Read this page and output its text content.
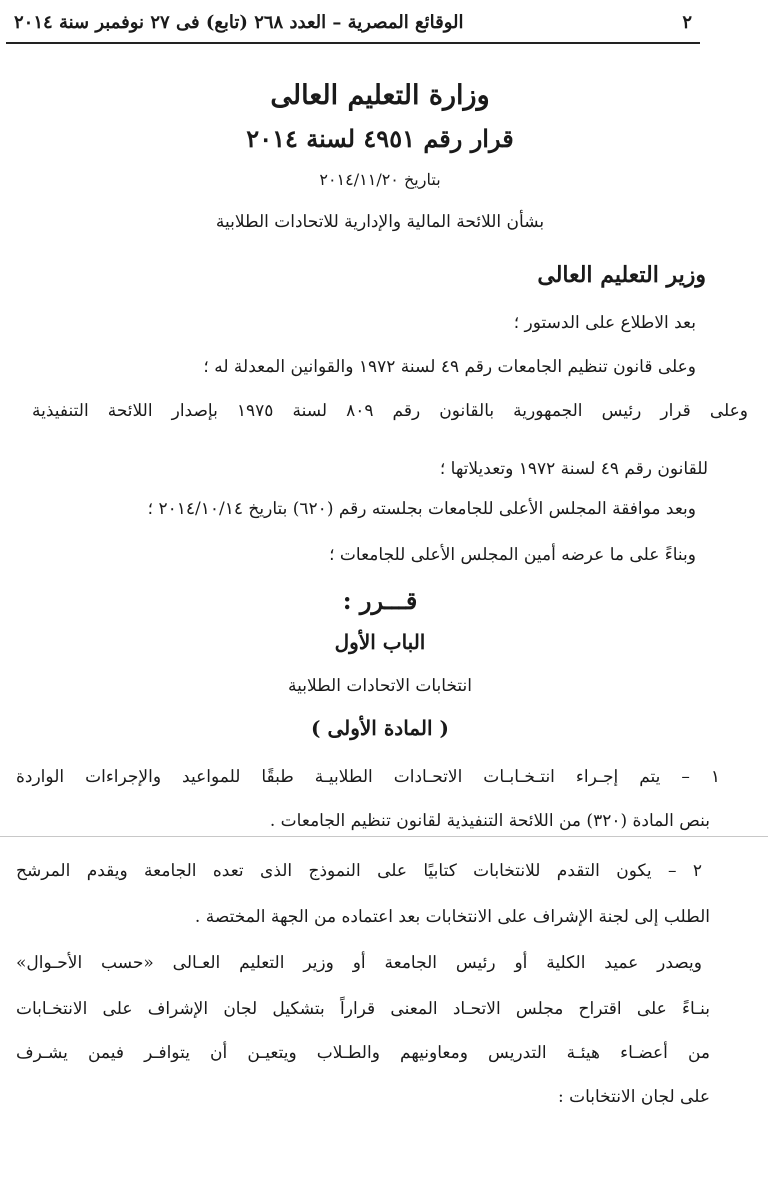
٢
الوقائع المصرية – العدد ٢٦٨ (تابع) فى ٢٧ نوفمبر سنة ٢٠١٤
وزارة التعليم العالى
قرار رقم ٤٩٥١ لسنة ٢٠١٤
بتاريخ ٢٠١٤/١١/٢٠
بشأن اللائحة المالية والإدارية للاتحادات الطلابية
وزير التعليم العالى
بعد الاطلاع على الدستور ؛
وعلى قانون تنظيم الجامعات رقم ٤٩ لسنة ١٩٧٢ والقوانين المعدلة له ؛
وعلى قرار رئيس الجمهورية بالقانون رقم ٨٠٩ لسنة ١٩٧٥ بإصدار اللائحة التنفيذية
للقانون رقم ٤٩ لسنة ١٩٧٢ وتعديلاتها ؛
وبعد موافقة المجلس الأعلى للجامعات بجلسته رقم (٦٢٠) بتاريخ ٢٠١٤/١٠/١٤ ؛
وبناءً على ما عرضه أمين المجلس الأعلى للجامعات ؛
قـــرر :
الباب الأول
انتخابات الاتحادات الطلابية
( المادة الأولى )
١ – يتم إجـراء انتـخـابـات الاتحـادات الطلابيـة طبقًا للمواعيد والإجراءات الواردة
بنص المادة (٣٢٠) من اللائحة التنفيذية لقانون تنظيم الجامعات .
٢ – يكون التقدم للانتخابات كتابيًا على النموذج الذى تعده الجامعة ويقدم المرشح
الطلب إلى لجنة الإشراف على الانتخابات بعد اعتماده من الجهة المختصة .
ويصدر عميد الكلية أو رئيس الجامعة أو وزير التعليم العـالى «حسب الأحـوال»
بنـاءً على اقتراح مجلس الاتحـاد المعنى قراراً بتشكيل لجان الإشراف على الانتخـابات
من أعضـاء هيئـة التدريس ومعاونيهم والطـلاب ويتعيـن أن يتوافـر فيمن يشـرف
على لجان الانتخابات :
